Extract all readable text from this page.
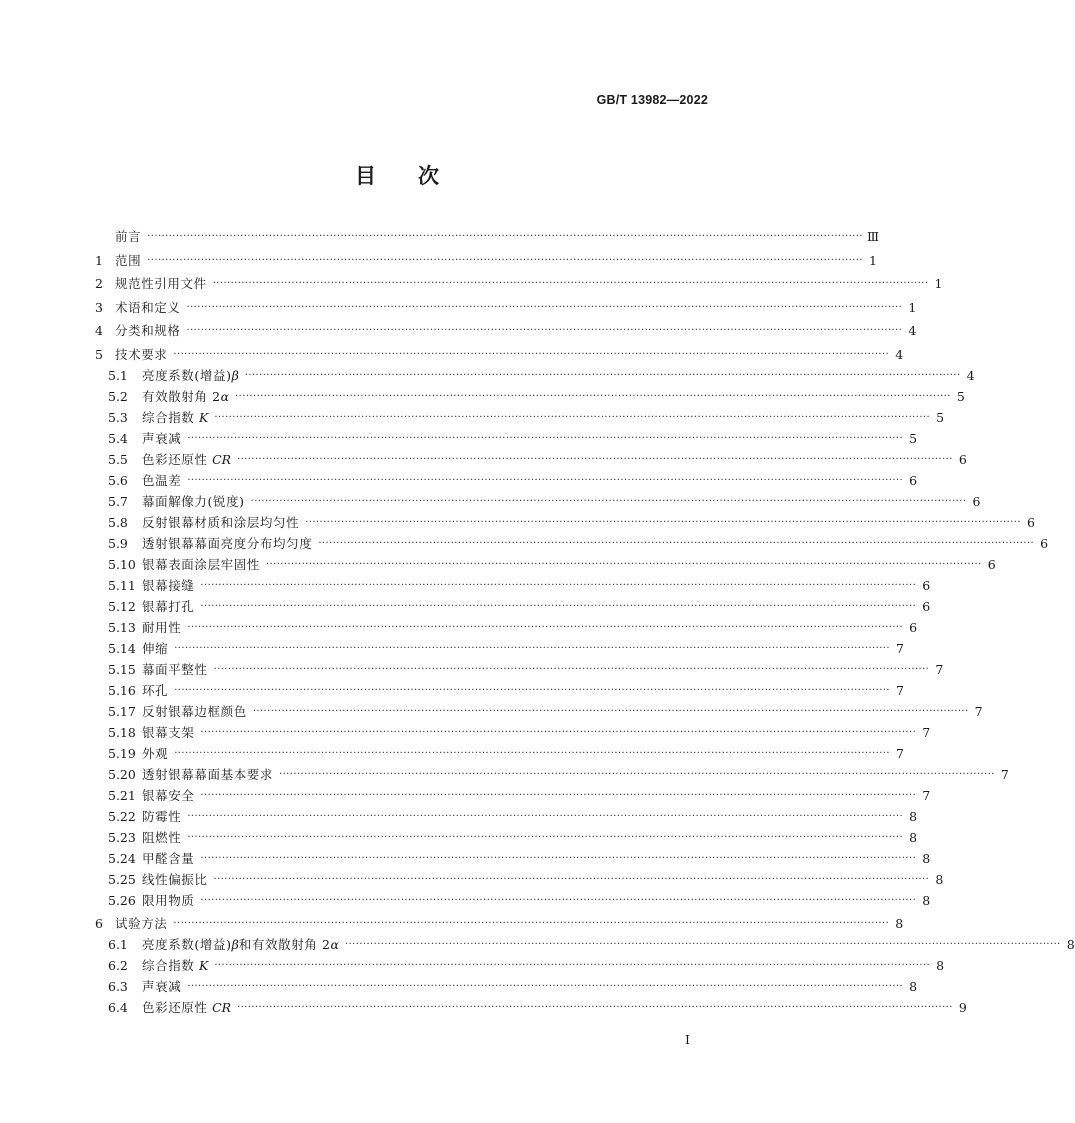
GB/T 13982—2022
目 次
前言 ········································································································································································································ Ⅲ
1 范围 ········································································································································································································ 1
2 规范性引用文件 ········································································································································································································ 1
3 术语和定义 ········································································································································································································ 1
4 分类和规格 ········································································································································································································ 4
5 技术要求 ········································································································································································································ 4
5.1	亮度系数(增益)β ········································································································································································································ 4
5.2	有效散射角 2α ········································································································································································································ 5
5.3	综合指数 K ········································································································································································································ 5
5.4	声衰减 ········································································································································································································ 5
5.5	色彩还原性 CR ········································································································································································································ 6
5.6	色温差 ········································································································································································································ 6
5.7	幕面解像力(锐度) ········································································································································································································ 6
5.8	反射银幕材质和涂层均匀性 ········································································································································································································ 6
5.9	透射银幕幕面亮度分布均匀度 ········································································································································································································ 6
5.10 银幕表面涂层牢固性 ········································································································································································································ 6
5.11 银幕接缝 ········································································································································································································ 6
5.12 银幕打孔 ········································································································································································································ 6
5.13 耐用性 ········································································································································································································ 6
5.14 伸缩 ········································································································································································································ 7
5.15 幕面平整性 ········································································································································································································ 7
5.16 环孔 ········································································································································································································ 7
5.17 反射银幕边框颜色 ········································································································································································································ 7
5.18 银幕支架 ········································································································································································································ 7
5.19 外观 ········································································································································································································ 7
5.20 透射银幕幕面基本要求 ········································································································································································································ 7
5.21 银幕安全 ········································································································································································································ 7
5.22 防霉性 ········································································································································································································ 8
5.23 阻燃性 ········································································································································································································ 8
5.24 甲醛含量 ········································································································································································································ 8
5.25 线性偏振比 ········································································································································································································ 8
5.26 限用物质 ········································································································································································································ 8
6 试验方法 ········································································································································································································ 8
6.1	亮度系数(增益)β和有效散射角 2α ········································································································································································································ 8
6.2	综合指数 K ········································································································································································································ 8
6.3	声衰减 ········································································································································································································ 8
6.4	色彩还原性 CR ········································································································································································································ 9
I
